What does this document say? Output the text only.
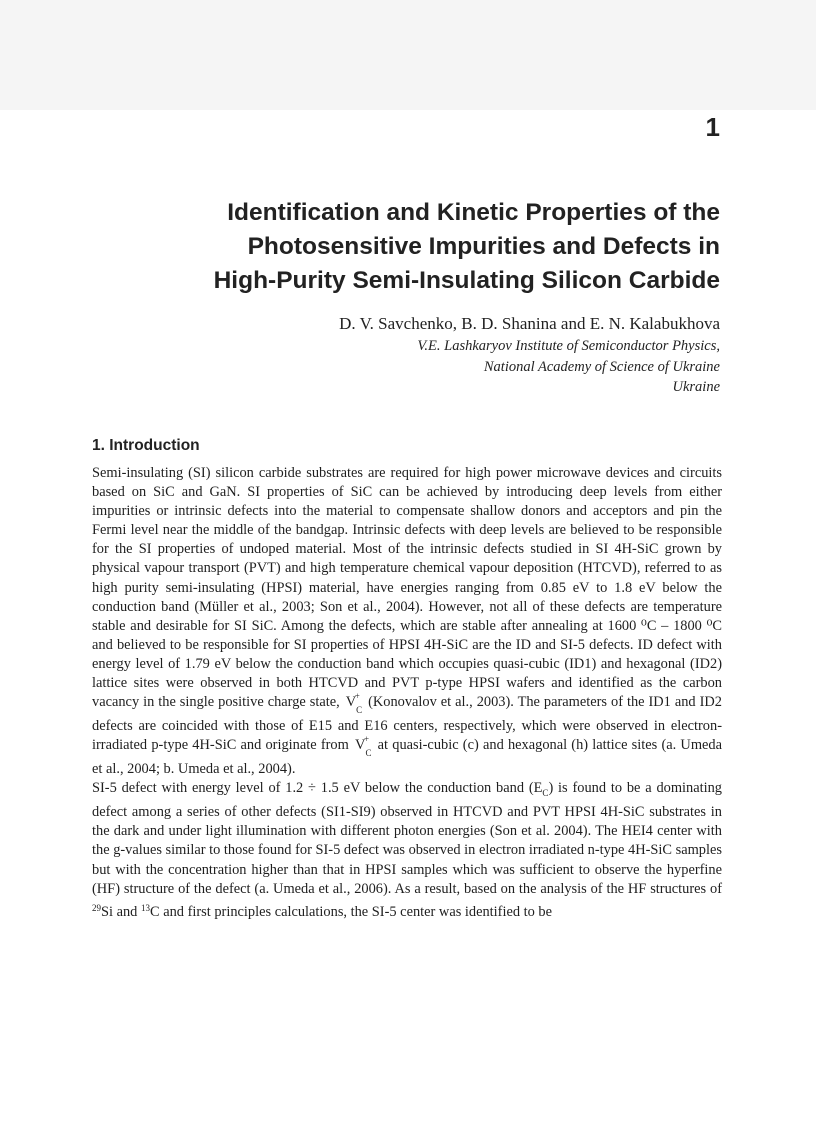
1
Identification and Kinetic Properties of the
Photosensitive Impurities and Defects in
High-Purity Semi-Insulating Silicon Carbide
D. V. Savchenko, B. D. Shanina and E. N. Kalabukhova
V.E. Lashkaryov Institute of Semiconductor Physics,
National Academy of Science of Ukraine
Ukraine
1. Introduction

Semi-insulating (SI) silicon carbide substrates are required for high power microwave devices and circuits based on SiC and GaN. SI properties of SiC can be achieved by introducing deep levels from either impurities or intrinsic defects into the material to compensate shallow donors and acceptors and pin the Fermi level near the middle of the bandgap. Intrinsic defects with deep levels are believed to be responsible for the SI properties of undoped material. Most of the intrinsic defects studied in SI 4H-SiC grown by physical vapour transport (PVT) and high temperature chemical vapour deposition (HTCVD), referred to as high purity semi-insulating (HPSI) material, have energies ranging from 0.85 eV to 1.8 eV below the conduction band (Müller et al., 2003; Son et al., 2004). However, not all of these defects are temperature stable and desirable for SI SiC. Among the defects, which are stable after annealing at 1600 ⁰C – 1800 ⁰C and believed to be responsible for SI properties of HPSI 4H-SiC are the ID and SI-5 defects. ID defect with energy level of 1.79 eV below the conduction band which occupies quasi-cubic (ID1) and hexagonal (ID2) lattice sites were observed in both HTCVD and PVT p-type HPSI wafers and identified as the carbon vacancy in the single positive charge state, V
+
$_C$ (Konovalov et al., 2003). The parameters of the ID1 and ID2 defects are coincided with those of E15 and E16 centers, respectively, which were observed in electron-irradiated p-type 4H-SiC and originate from V
+
$_C$ at quasi-cubic (c) and hexagonal (h) lattice sites (a. Umeda et al., 2004; b. Umeda et al., 2004).

SI-5 defect with energy level of 1.2 ÷ 1.5 eV below the conduction band $(E_C)$ is found to be a dominating defect among a series of other defects (SI1-SI9) observed in HTCVD and PVT HPSI 4H-SiC substrates in the dark and under light illumination with different photon energies (Son et al. 2004). The HEI4 center with the g-values similar to those found for SI-5 defect was observed in electron irradiated n-type 4H-SiC samples but with the concentration higher than that in HPSI samples which was sufficient to observe the hyperfine (HF) structure of the defect (a. Umeda et al., 2006). As a result, based on the analysis of the HF structures of $^{29}$Si and $^{13}$C and first principles calculations, the SI-5 center was identified to be
